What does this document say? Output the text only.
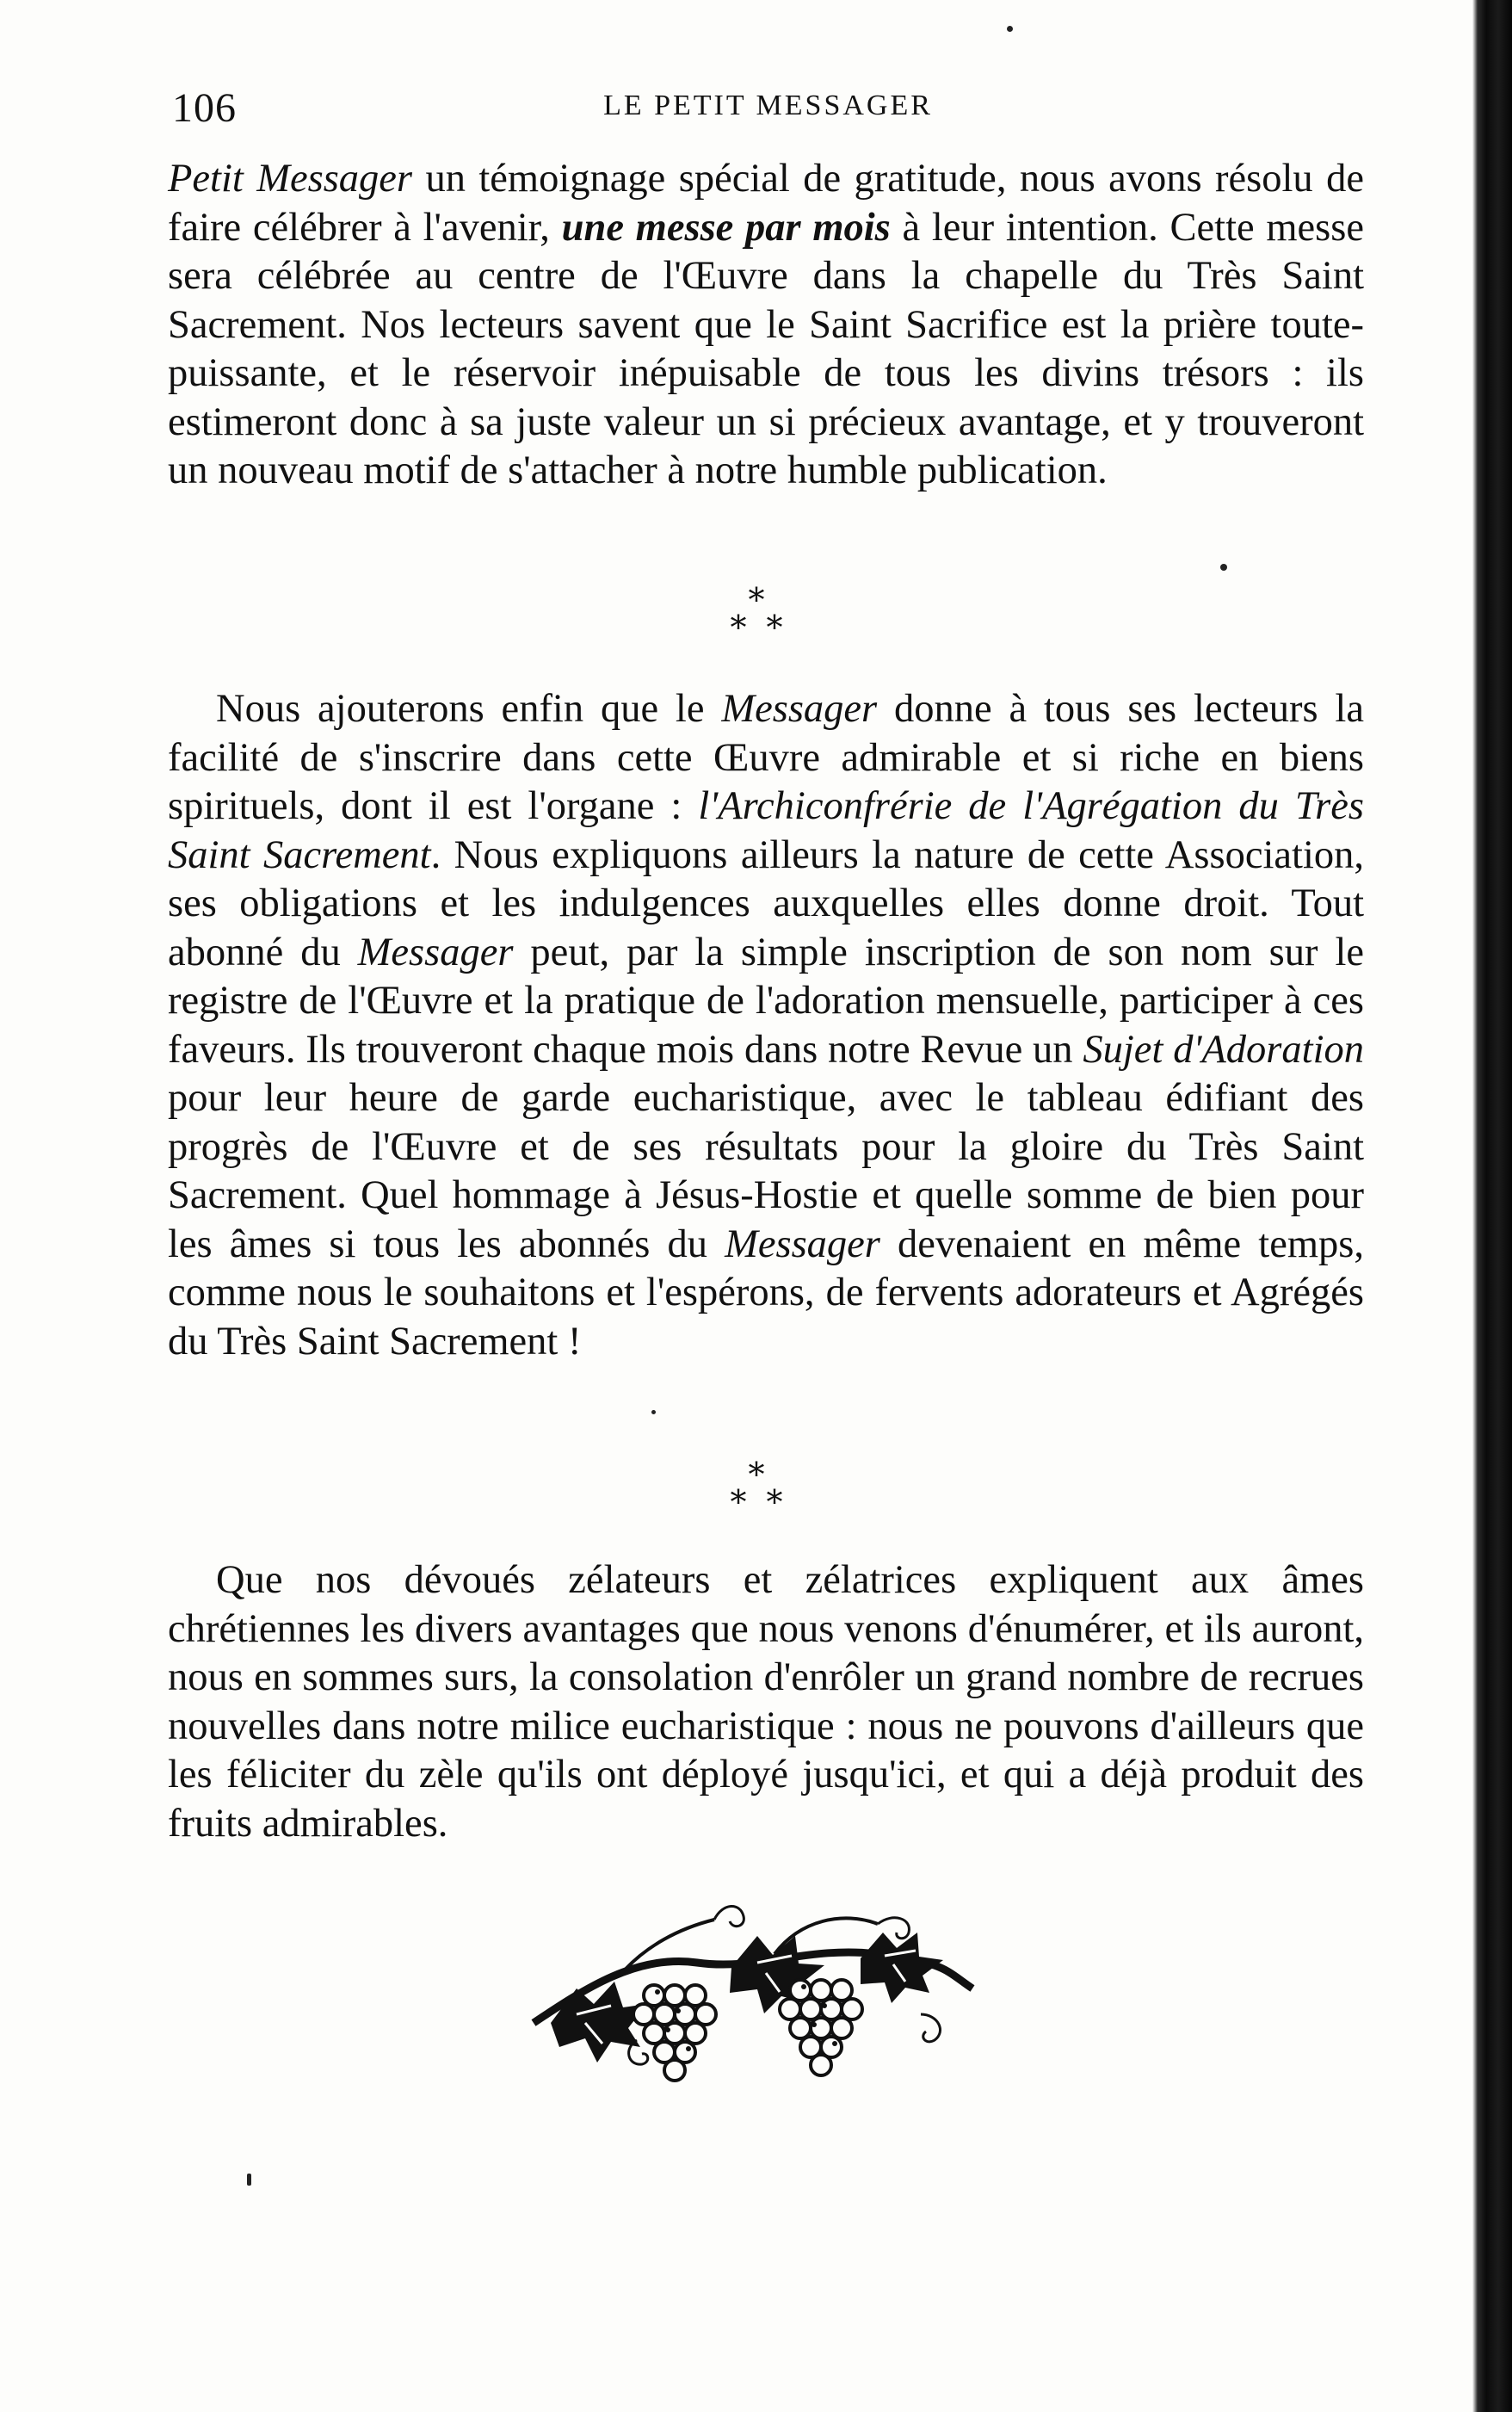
106	LE PETIT MESSAGER

Petit Messager un témoignage spécial de gratitude, nous avons résolu de faire célébrer à l'avenir, une messe par mois à leur intention. Cette messe sera célébrée au centre de l'Œuvre dans la chapelle du Très Saint Sacrement. Nos lecteurs savent que le Saint Sacrifice est la prière toute-puissante, et le réservoir inépuisable de tous les divins trésors : ils estimeront donc à sa juste valeur un si précieux avantage, et y trouveront un nouveau motif de s'attacher à notre humble publication.

*
* *

Nous ajouterons enfin que le Messager donne à tous ses lecteurs la facilité de s'inscrire dans cette Œuvre admirable et si riche en biens spirituels, dont il est l'organe : l'Archiconfrérie de l'Agrégation du Très Saint Sacrement. Nous expliquons ailleurs la nature de cette Association, ses obligations et les indulgences auxquelles elles donne droit. Tout abonné du Messager peut, par la simple inscription de son nom sur le registre de l'Œuvre et la pratique de l'adoration mensuelle, participer à ces faveurs. Ils trouveront chaque mois dans notre Revue un Sujet d'Adoration pour leur heure de garde eucharistique, avec le tableau édifiant des progrès de l'Œuvre et de ses résultats pour la gloire du Très Saint Sacrement. Quel hommage à Jésus-Hostie et quelle somme de bien pour les âmes si tous les abonnés du Messager devenaient en même temps, comme nous le souhaitons et l'espérons, de fervents adorateurs et Agrégés du Très Saint Sacrement !

*
* *

Que nos dévoués zélateurs et zélatrices expliquent aux âmes chrétiennes les divers avantages que nous venons d'énumérer, et ils auront, nous en sommes surs, la consolation d'enrôler un grand nombre de recrues nouvelles dans notre milice eucharistique : nous ne pouvons d'ailleurs que les féliciter du zèle qu'ils ont déployé jusqu'ici, et qui a déjà produit des fruits admirables.
